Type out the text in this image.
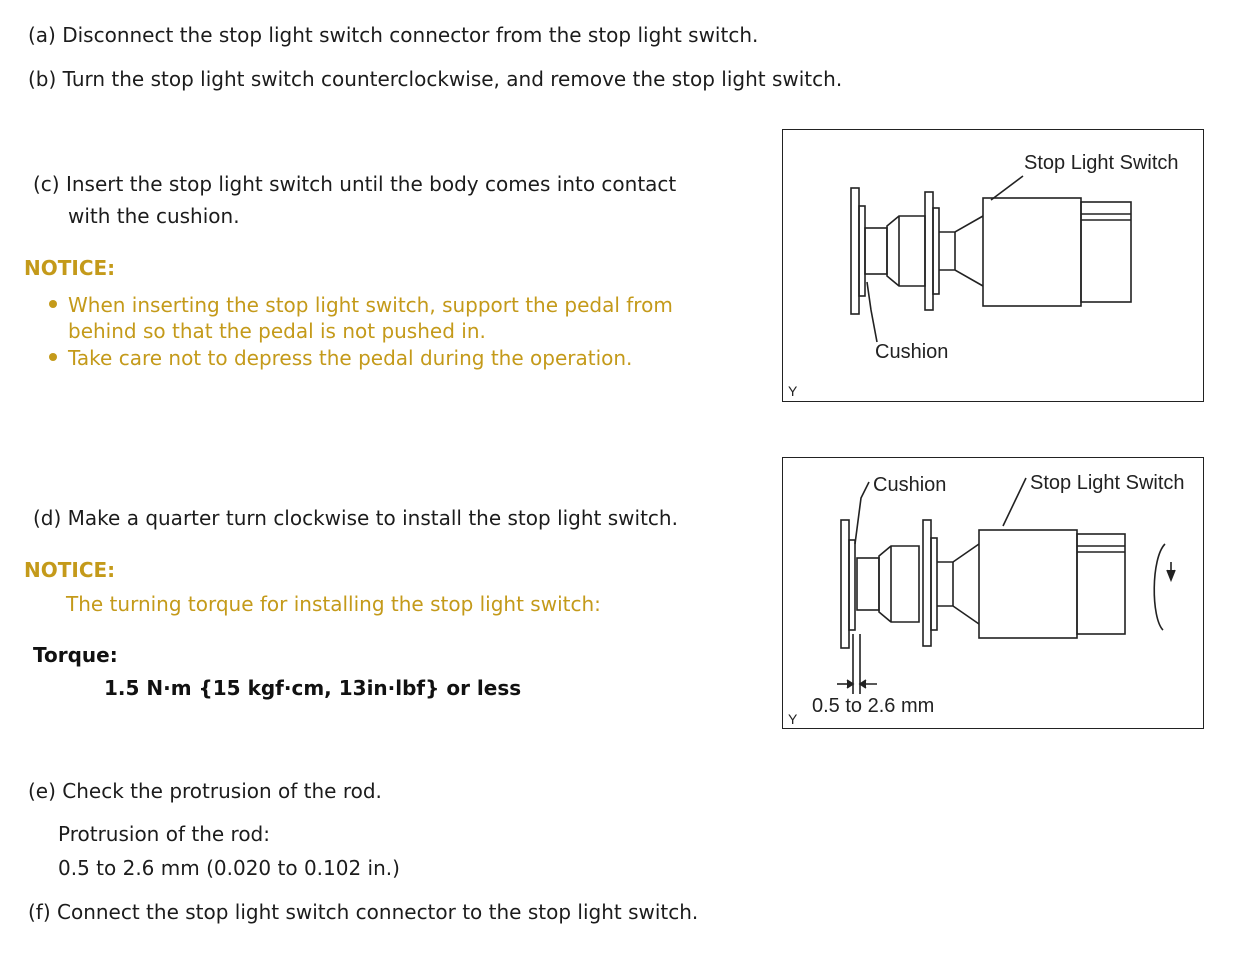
(a) Disconnect the stop light switch connector from the stop light switch.

(b) Turn the stop light switch counterclockwise, and remove the stop light switch.

(c) Insert the stop light switch until the body comes into contact

with the cushion.

NOTICE:

When inserting the stop light switch, support the pedal from

behind so that the pedal is not pushed in.

Take care not to depress the pedal during the operation.

(d) Make a quarter turn clockwise to install the stop light switch.

NOTICE:

The turning torque for installing the stop light switch:

Torque:

1.5 N·m {15 kgf·cm, 13in·lbf} or less

(e) Check the protrusion of the rod.

Protrusion of the rod:

0.5 to 2.6 mm (0.020 to 0.102 in.)

(f) Connect the stop light switch connector to the stop light switch.

Stop Light Switch
Cushion
Y
Cushion	Stop Light Switch
0.5 to 2.6 mm
Y
